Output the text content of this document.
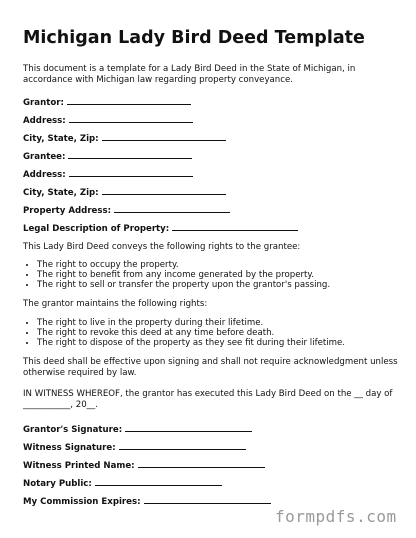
Michigan Lady Bird Deed Template
This document is a template for a Lady Bird Deed in the State of Michigan, in accordance with Michigan law regarding property conveyance.
Grantor:
Address:
City, State, Zip:
Grantee:
Address:
City, State, Zip:
Property Address:
Legal Description of Property:
This Lady Bird Deed conveys the following rights to the grantee:
• The right to occupy the property.
• The right to benefit from any income generated by the property.
• The right to sell or transfer the property upon the grantor's passing.
The grantor maintains the following rights:
• The right to live in the property during their lifetime.
• The right to revoke this deed at any time before death.
• The right to dispose of the property as they see fit during their lifetime.
This deed shall be effective upon signing and shall not require acknowledgment unless otherwise required by law.
IN WITNESS WHEREOF, the grantor has executed this Lady Bird Deed on the __ day of ___________, 20__.
Grantor's Signature:
Witness Signature:
Witness Printed Name:
Notary Public:
My Commission Expires:
formpdfs.com
